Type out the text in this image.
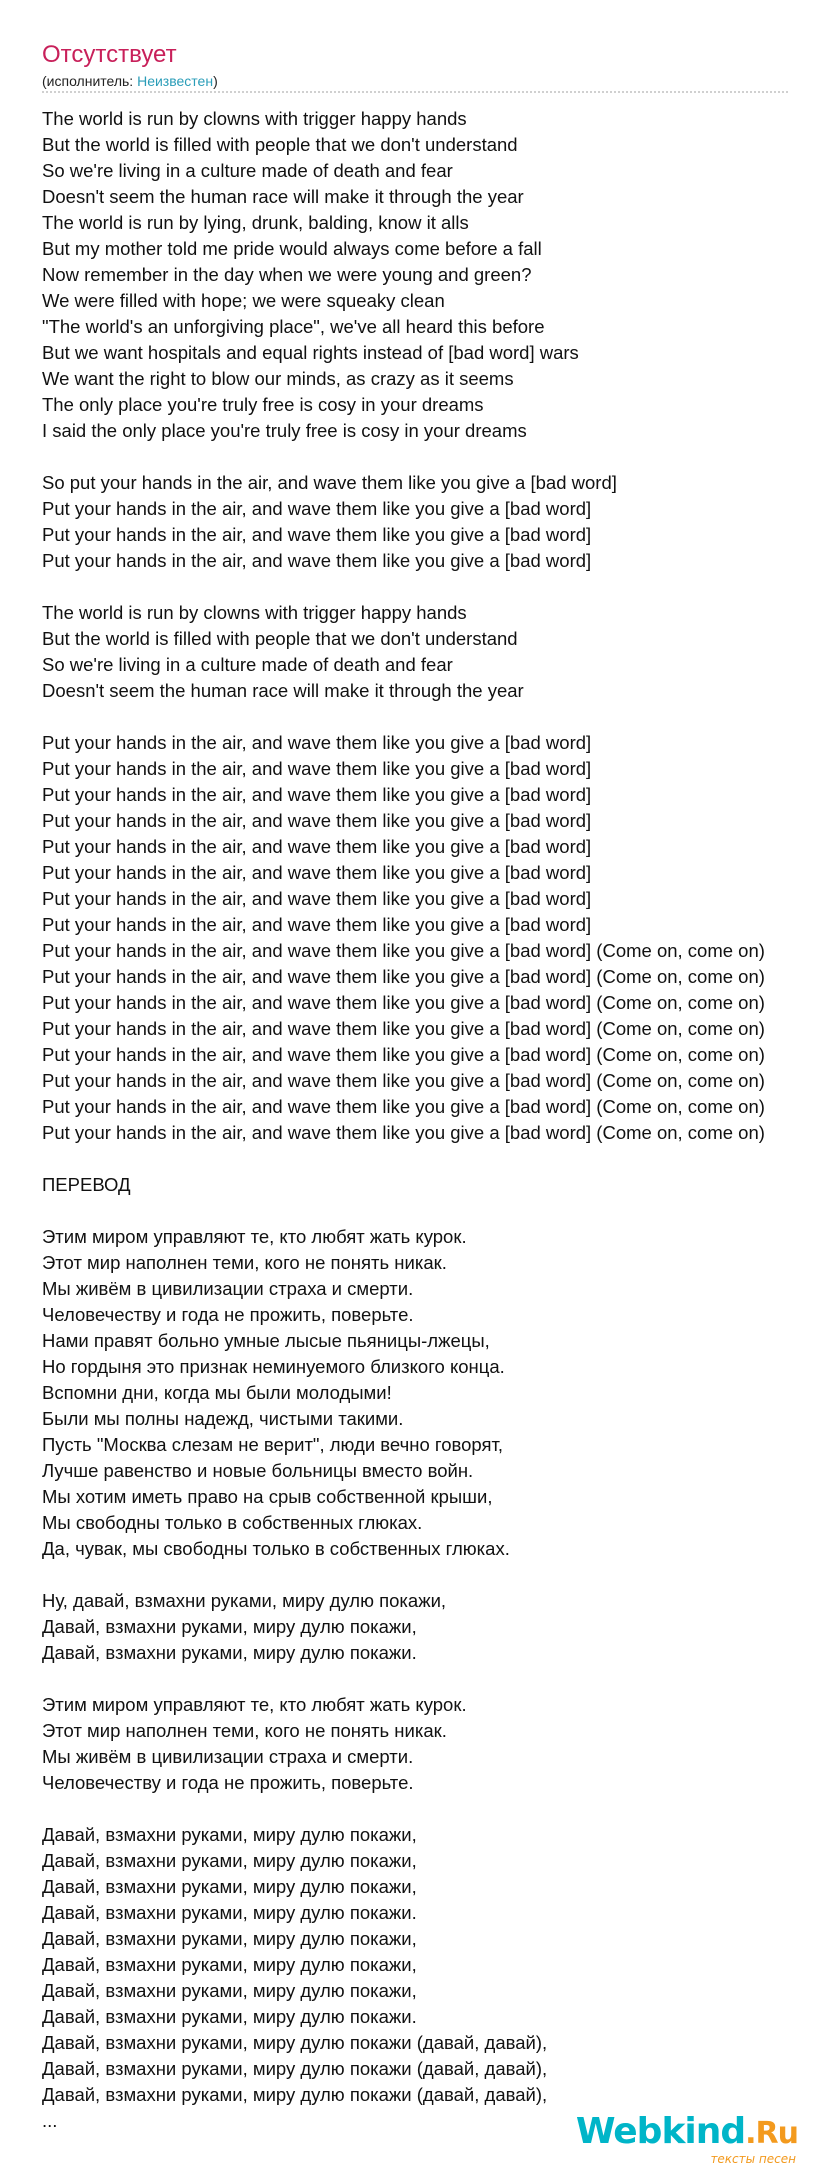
Отсутствует
(исполнитель: Неизвестен)
The world is run by clowns with trigger happy hands
But the world is filled with people that we don't understand
So we're living in a culture made of death and fear
Doesn't seem the human race will make it through the year
The world is run by lying, drunk, balding, know it alls
But my mother told me pride would always come before a fall
Now remember in the day when we were young and green?
We were filled with hope; we were squeaky clean
"The world's an unforgiving place", we've all heard this before
But we want hospitals and equal rights instead of [bad word] wars
We want the right to blow our minds, as crazy as it seems
The only place you're truly free is cosy in your dreams
I said the only place you're truly free is cosy in your dreams
So put your hands in the air, and wave them like you give a [bad word]
Put your hands in the air, and wave them like you give a [bad word]
Put your hands in the air, and wave them like you give a [bad word]
Put your hands in the air, and wave them like you give a [bad word]
The world is run by clowns with trigger happy hands
But the world is filled with people that we don't understand
So we're living in a culture made of death and fear
Doesn't seem the human race will make it through the year
Put your hands in the air, and wave them like you give a [bad word]
Put your hands in the air, and wave them like you give a [bad word]
Put your hands in the air, and wave them like you give a [bad word]
Put your hands in the air, and wave them like you give a [bad word]
Put your hands in the air, and wave them like you give a [bad word]
Put your hands in the air, and wave them like you give a [bad word]
Put your hands in the air, and wave them like you give a [bad word]
Put your hands in the air, and wave them like you give a [bad word]
Put your hands in the air, and wave them like you give a [bad word] (Come on, come on)
Put your hands in the air, and wave them like you give a [bad word] (Come on, come on)
Put your hands in the air, and wave them like you give a [bad word] (Come on, come on)
Put your hands in the air, and wave them like you give a [bad word] (Come on, come on)
Put your hands in the air, and wave them like you give a [bad word] (Come on, come on)
Put your hands in the air, and wave them like you give a [bad word] (Come on, come on)
Put your hands in the air, and wave them like you give a [bad word] (Come on, come on)
Put your hands in the air, and wave them like you give a [bad word] (Come on, come on)
ПЕРЕВОД
Этим миром управляют те, кто любят жать курок.
Этот мир наполнен теми, кого не понять никак.
Мы живём в цивилизации страха и смерти.
Человечеству и года не прожить, поверьте.
Нами правят больно умные лысые пьяницы-лжецы,
Но гордыня это признак неминуемого близкого конца.
Вспомни дни, когда мы были молодыми!
Были мы полны надежд, чистыми такими.
Пусть "Москва слезам не верит", люди вечно говорят,
Лучше равенство и новые больницы вместо войн.
Мы хотим иметь право на срыв собственной крыши,
Мы свободны только в собственных глюках.
Да, чувак, мы свободны только в собственных глюках.
Ну, давай, взмахни руками, миру дулю покажи,
Давай, взмахни руками, миру дулю покажи,
Давай, взмахни руками, миру дулю покажи.
Этим миром управляют те, кто любят жать курок.
Этот мир наполнен теми, кого не понять никак.
Мы живём в цивилизации страха и смерти.
Человечеству и года не прожить, поверьте.
Давай, взмахни руками, миру дулю покажи,
Давай, взмахни руками, миру дулю покажи,
Давай, взмахни руками, миру дулю покажи,
Давай, взмахни руками, миру дулю покажи.
Давай, взмахни руками, миру дулю покажи,
Давай, взмахни руками, миру дулю покажи,
Давай, взмахни руками, миру дулю покажи,
Давай, взмахни руками, миру дулю покажи.
Давай, взмахни руками, миру дулю покажи (давай, давай),
Давай, взмахни руками, миру дулю покажи (давай, давай),
Давай, взмахни руками, миру дулю покажи (давай, давай),
...	Webkind.Ru
тексты песен
